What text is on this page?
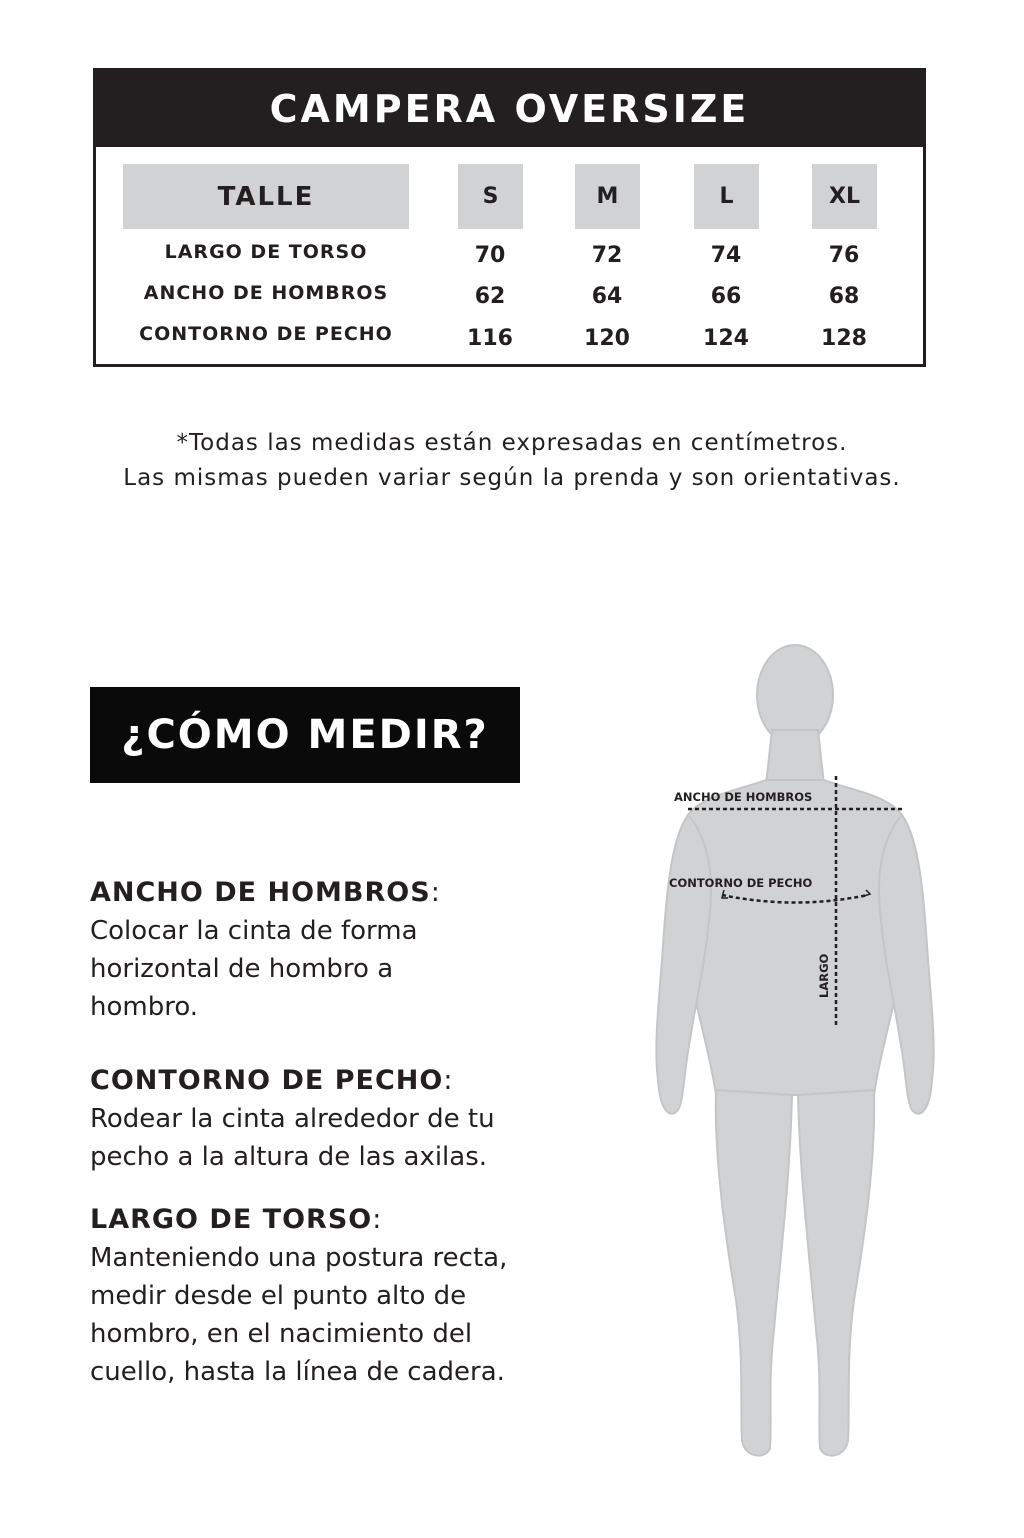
CAMPERA OVERSIZE
TALLE	S	M	L	XL
LARGO DE TORSO	70	72	74	76
ANCHO DE HOMBROS	62	64	66	68
CONTORNO DE PECHO	116	120	124	128
*Todas las medidas están expresadas en centímetros.
Las mismas pueden variar según la prenda y son orientativas.
¿CÓMO MEDIR?
ANCHO DE HOMBROS:

Colocar la cinta de forma horizontal de hombro a hombro.

CONTORNO DE PECHO:

Rodear la cinta alrededor de tu pecho a la altura de las axilas.

LARGO DE TORSO:

Manteniendo una postura recta, medir desde el punto alto de hombro, en el nacimiento del cuello, hasta la línea de cadera.

ANCHO DE HOMBROS
CONTORNO DE PECHO
LARGO
